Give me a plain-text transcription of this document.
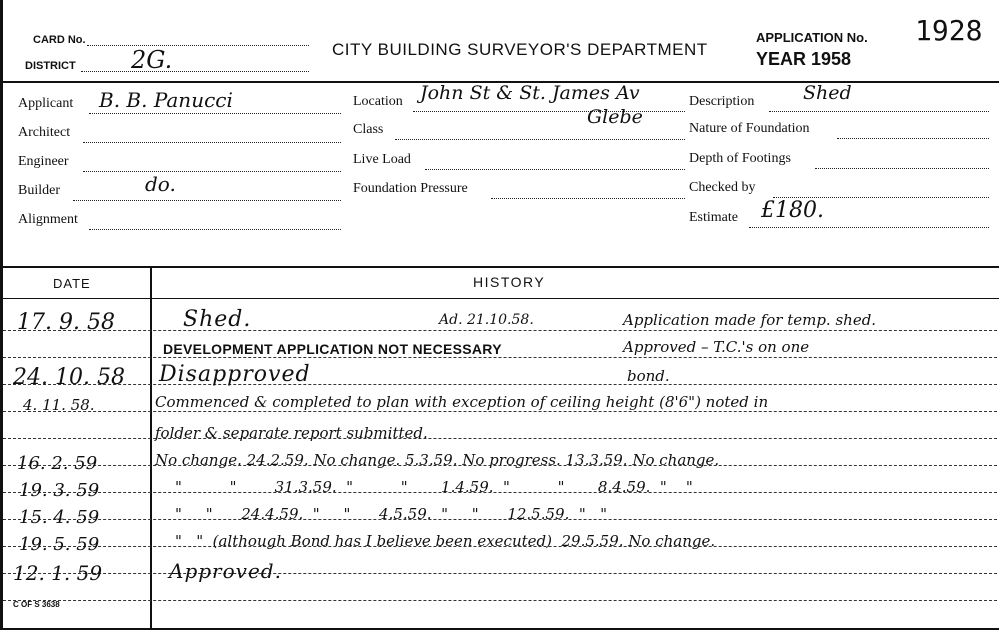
CARD No.
DISTRICT 2G.	CITY BUILDING SURVEYOR'S DEPARTMENT
APPLICATION No. 1928
YEAR 1958
Applicant B. B. Panucci
Architect
Engineer
Builder	do.
Alignment
Location John St & St. James Av
Class
Glebe
Live Load
Foundation Pressure
Description	Shed
Nature of Foundation
Depth of Footings
Checked by
Estimate £180.
DATE	HISTORY
17. 9. 58	Shed.	Ad. 21.10.58.	Application made for temp. shed.
DEVELOPMENT APPLICATION NOT NECESSARY	Approved – T.C.'s on one
24. 10. 58 Disapproved	bond.
4. 11. 58.	Commenced & completed to plan with exception of ceiling height (8'6") noted in
folder & separate report submitted.
16. 2. 59	No change. 24.2.59. No change. 5.3.59. No progress. 13.3.59. No change.
19. 3. 59	"          "        31.3.59.  "          "       1.4.59.  "          "       8.4.59.  "    "
15. 4. 59	"     "      24.4.59.  "     "      4.5.59.  "     "      12.5.59.  "   "
19. 5. 59	"   "  (although Bond has I believe been executed)  29.5.59. No change.
12. 1. 59	Approved.
C OF S 3638
